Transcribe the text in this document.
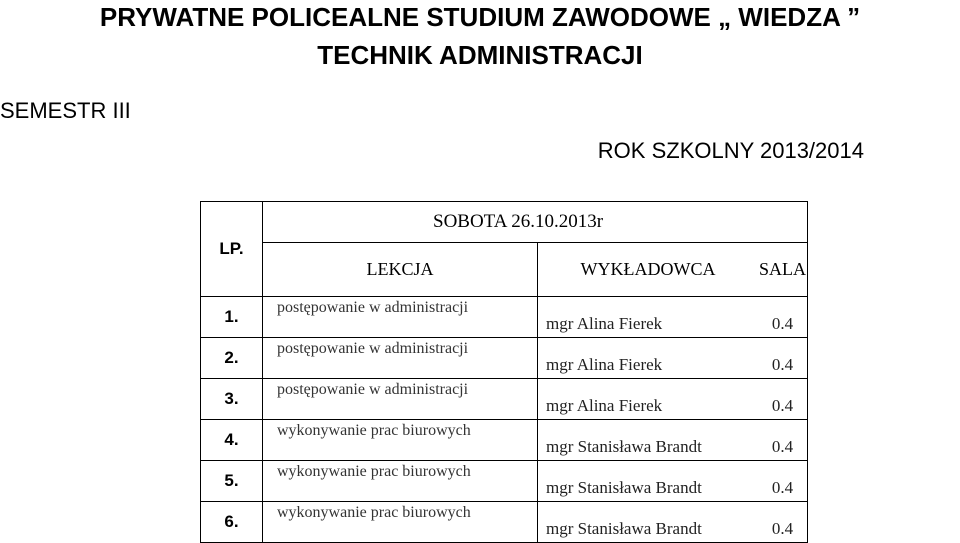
PRYWATNE POLICEALNE STUDIUM ZAWODOWE „ WIEDZA ”
TECHNIK ADMINISTRACJI
SEMESTR III
ROK SZKOLNY 2013/2014
LP.	SOBOTA 26.10.2013r		
	LEKCJA	WYKŁADOWCA	SALA
1.	postępowanie w administracji	mgr Alina Fierek	0.4
2.	postępowanie w administracji	mgr Alina Fierek	0.4
3.	postępowanie w administracji	mgr Alina Fierek	0.4
4.	wykonywanie prac biurowych	mgr Stanisława Brandt	0.4
5.	wykonywanie prac biurowych	mgr Stanisława Brandt	0.4
6.	wykonywanie prac biurowych	mgr Stanisława Brandt	0.4
